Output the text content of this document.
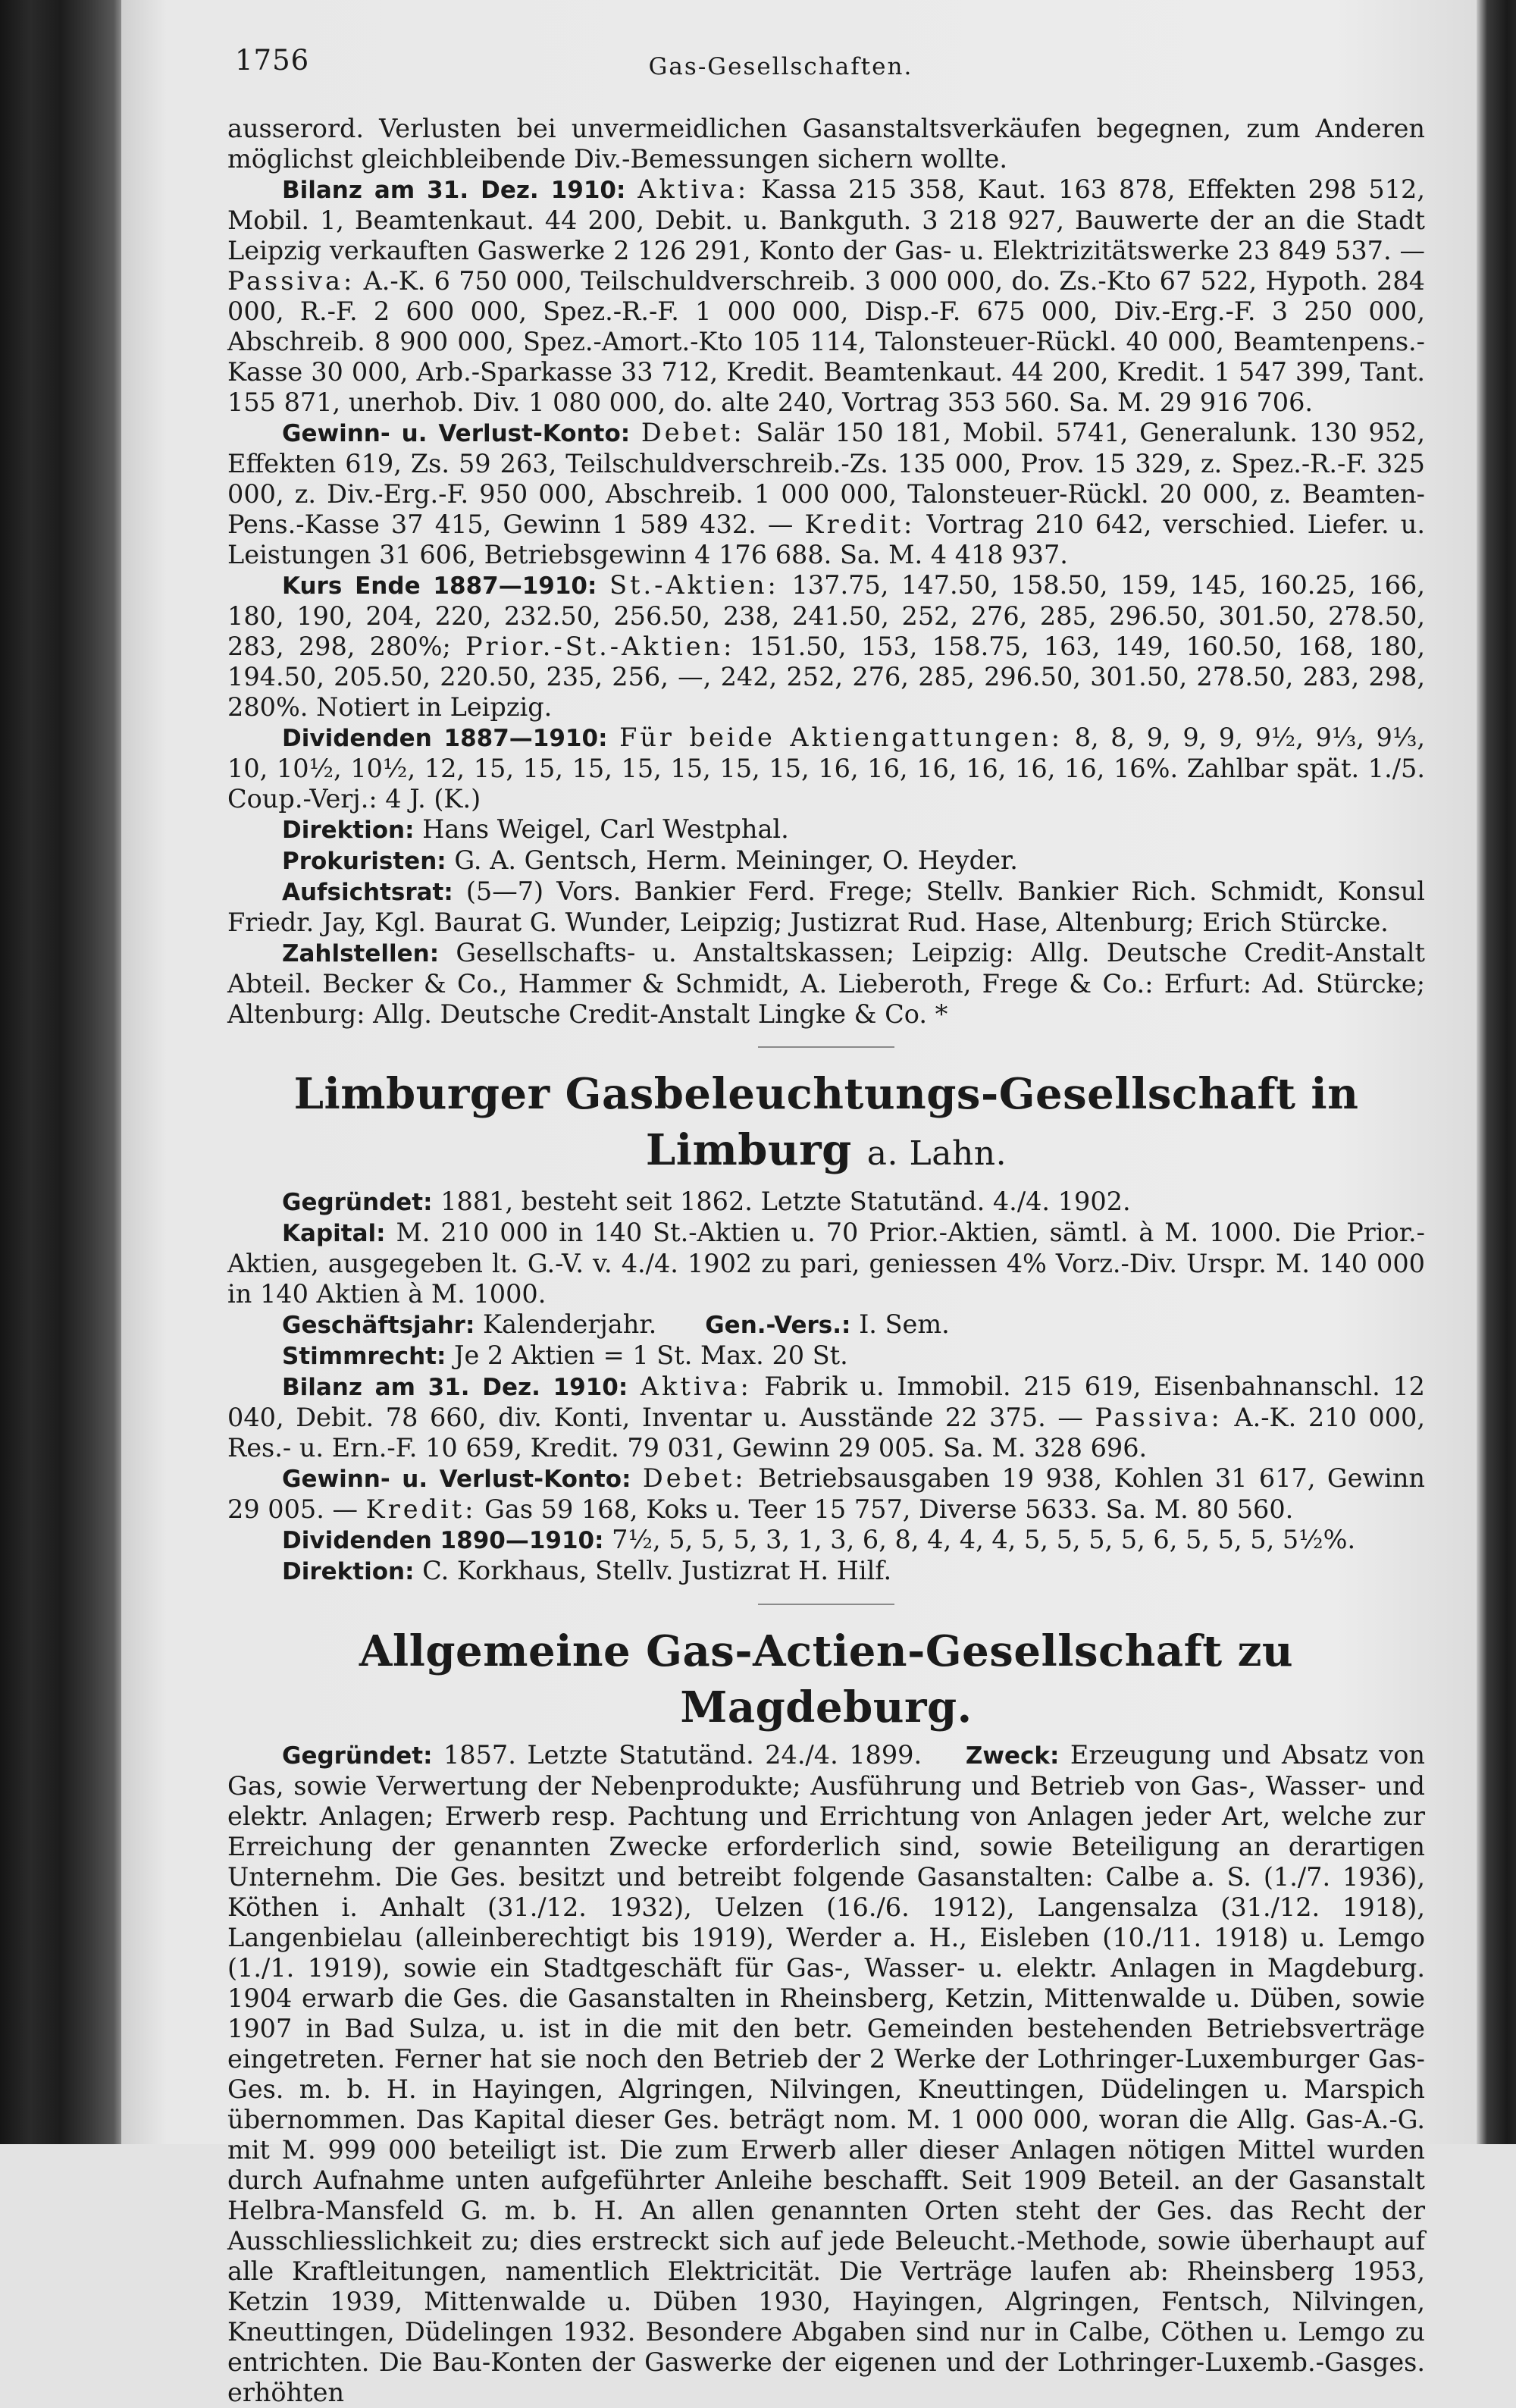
1756	Gas-Gesellschaften.

ausserord. Verlusten bei unvermeidlichen Gasanstaltsverkäufen begegnen, zum Anderen möglichst gleichbleibende Div.-Bemessungen sichern wollte.

Bilanz am 31. Dez. 1910: Aktiva: Kassa 215 358, Kaut. 163 878, Effekten 298 512, Mobil. 1, Beamtenkaut. 44 200, Debit. u. Bankguth. 3 218 927, Bauwerte der an die Stadt Leipzig verkauften Gaswerke 2 126 291, Konto der Gas- u. Elektrizitätswerke 23 849 537. — Passiva: A.-K. 6 750 000, Teilschuldverschreib. 3 000 000, do. Zs.-Kto 67 522, Hypoth. 284 000, R.-F. 2 600 000, Spez.-R.-F. 1 000 000, Disp.-F. 675 000, Div.-Erg.-F. 3 250 000, Abschreib. 8 900 000, Spez.-Amort.-Kto 105 114, Talonsteuer-Rückl. 40 000, Beamtenpens.-Kasse 30 000, Arb.-Sparkasse 33 712, Kredit. Beamtenkaut. 44 200, Kredit. 1 547 399, Tant. 155 871, unerhob. Div. 1 080 000, do. alte 240, Vortrag 353 560. Sa. M. 29 916 706.

Gewinn- u. Verlust-Konto: Debet: Salär 150 181, Mobil. 5741, Generalunk. 130 952, Effekten 619, Zs. 59 263, Teilschuldverschreib.-Zs. 135 000, Prov. 15 329, z. Spez.-R.-F. 325 000, z. Div.-Erg.-F. 950 000, Abschreib. 1 000 000, Talonsteuer-Rückl. 20 000, z. Beamten-Pens.-Kasse 37 415, Gewinn 1 589 432. — Kredit: Vortrag 210 642, verschied. Liefer. u. Leistungen 31 606, Betriebsgewinn 4 176 688. Sa. M. 4 418 937.

Kurs Ende 1887—1910: St.-Aktien: 137.75, 147.50, 158.50, 159, 145, 160.25, 166, 180, 190, 204, 220, 232.50, 256.50, 238, 241.50, 252, 276, 285, 296.50, 301.50, 278.50, 283, 298, 280%; Prior.-St.-Aktien: 151.50, 153, 158.75, 163, 149, 160.50, 168, 180, 194.50, 205.50, 220.50, 235, 256, —, 242, 252, 276, 285, 296.50, 301.50, 278.50, 283, 298, 280%. Notiert in Leipzig.

Dividenden 1887—1910: Für beide Aktiengattungen: 8, 8, 9, 9, 9, 9½, 9⅓, 9⅓, 10, 10½, 10½, 12, 15, 15, 15, 15, 15, 15, 15, 16, 16, 16, 16, 16, 16, 16%. Zahlbar spät. 1./5. Coup.-Verj.: 4 J. (K.)

Direktion: Hans Weigel, Carl Westphal.

Prokuristen: G. A. Gentsch, Herm. Meininger, O. Heyder.

Aufsichtsrat: (5—7) Vors. Bankier Ferd. Frege; Stellv. Bankier Rich. Schmidt, Konsul Friedr. Jay, Kgl. Baurat G. Wunder, Leipzig; Justizrat Rud. Hase, Altenburg; Erich Stürcke.

Zahlstellen: Gesellschafts- u. Anstaltskassen; Leipzig: Allg. Deutsche Credit-Anstalt Abteil. Becker & Co., Hammer & Schmidt, A. Lieberoth, Frege & Co.: Erfurt: Ad. Stürcke; Altenburg: Allg. Deutsche Credit-Anstalt Lingke & Co. *

Limburger Gasbeleuchtungs-Gesellschaft in Limburg a. Lahn.

Gegründet: 1881, besteht seit 1862. Letzte Statutänd. 4./4. 1902.

Kapital: M. 210 000 in 140 St.-Aktien u. 70 Prior.-Aktien, sämtl. à M. 1000. Die Prior.-Aktien, ausgegeben lt. G.-V. v. 4./4. 1902 zu pari, geniessen 4% Vorz.-Div. Urspr. M. 140 000 in 140 Aktien à M. 1000.

Geschäftsjahr: Kalenderjahr. Gen.-Vers.: I. Sem.

Stimmrecht: Je 2 Aktien = 1 St. Max. 20 St.

Bilanz am 31. Dez. 1910: Aktiva: Fabrik u. Immobil. 215 619, Eisenbahnanschl. 12 040, Debit. 78 660, div. Konti, Inventar u. Ausstände 22 375. — Passiva: A.-K. 210 000, Res.- u. Ern.-F. 10 659, Kredit. 79 031, Gewinn 29 005. Sa. M. 328 696.

Gewinn- u. Verlust-Konto: Debet: Betriebsausgaben 19 938, Kohlen 31 617, Gewinn 29 005. — Kredit: Gas 59 168, Koks u. Teer 15 757, Diverse 5633. Sa. M. 80 560.

Dividenden 1890—1910: 7½, 5, 5, 5, 3, 1, 3, 6, 8, 4, 4, 4, 5, 5, 5, 5, 6, 5, 5, 5, 5½%.

Direktion: C. Korkhaus, Stellv. Justizrat H. Hilf.

Allgemeine Gas-Actien-Gesellschaft zu Magdeburg.

Gegründet: 1857. Letzte Statutänd. 24./4. 1899. Zweck: Erzeugung und Absatz von Gas, sowie Verwertung der Nebenprodukte; Ausführung und Betrieb von Gas-, Wasser- und elektr. Anlagen; Erwerb resp. Pachtung und Errichtung von Anlagen jeder Art, welche zur Erreichung der genannten Zwecke erforderlich sind, sowie Beteiligung an derartigen Unternehm. Die Ges. besitzt und betreibt folgende Gasanstalten: Calbe a. S. (1./7. 1936), Köthen i. Anhalt (31./12. 1932), Uelzen (16./6. 1912), Langensalza (31./12. 1918), Langenbielau (alleinberechtigt bis 1919), Werder a. H., Eisleben (10./11. 1918) u. Lemgo (1./1. 1919), sowie ein Stadtgeschäft für Gas-, Wasser- u. elektr. Anlagen in Magdeburg. 1904 erwarb die Ges. die Gasanstalten in Rheinsberg, Ketzin, Mittenwalde u. Düben, sowie 1907 in Bad Sulza, u. ist in die mit den betr. Gemeinden bestehenden Betriebsverträge eingetreten. Ferner hat sie noch den Betrieb der 2 Werke der Lothringer-Luxemburger Gas-Ges. m. b. H. in Hayingen, Algringen, Nilvingen, Kneuttingen, Düdelingen u. Marspich übernommen. Das Kapital dieser Ges. beträgt nom. M. 1 000 000, woran die Allg. Gas-A.-G. mit M. 999 000 beteiligt ist. Die zum Erwerb aller dieser Anlagen nötigen Mittel wurden durch Aufnahme unten aufgeführter Anleihe beschafft. Seit 1909 Beteil. an der Gasanstalt Helbra-Mansfeld G. m. b. H. An allen genannten Orten steht der Ges. das Recht der Ausschliesslichkeit zu; dies erstreckt sich auf jede Beleucht.-Methode, sowie überhaupt auf alle Kraftleitungen, namentlich Elektricität. Die Verträge laufen ab: Rheinsberg 1953, Ketzin 1939, Mittenwalde u. Düben 1930, Hayingen, Algringen, Fentsch, Nilvingen, Kneuttingen, Düdelingen 1932. Besondere Abgaben sind nur in Calbe, Cöthen u. Lemgo zu entrichten. Die Bau-Konten der Gaswerke der eigenen und der Lothringer-Luxemb.-Gasges. erhöhten
